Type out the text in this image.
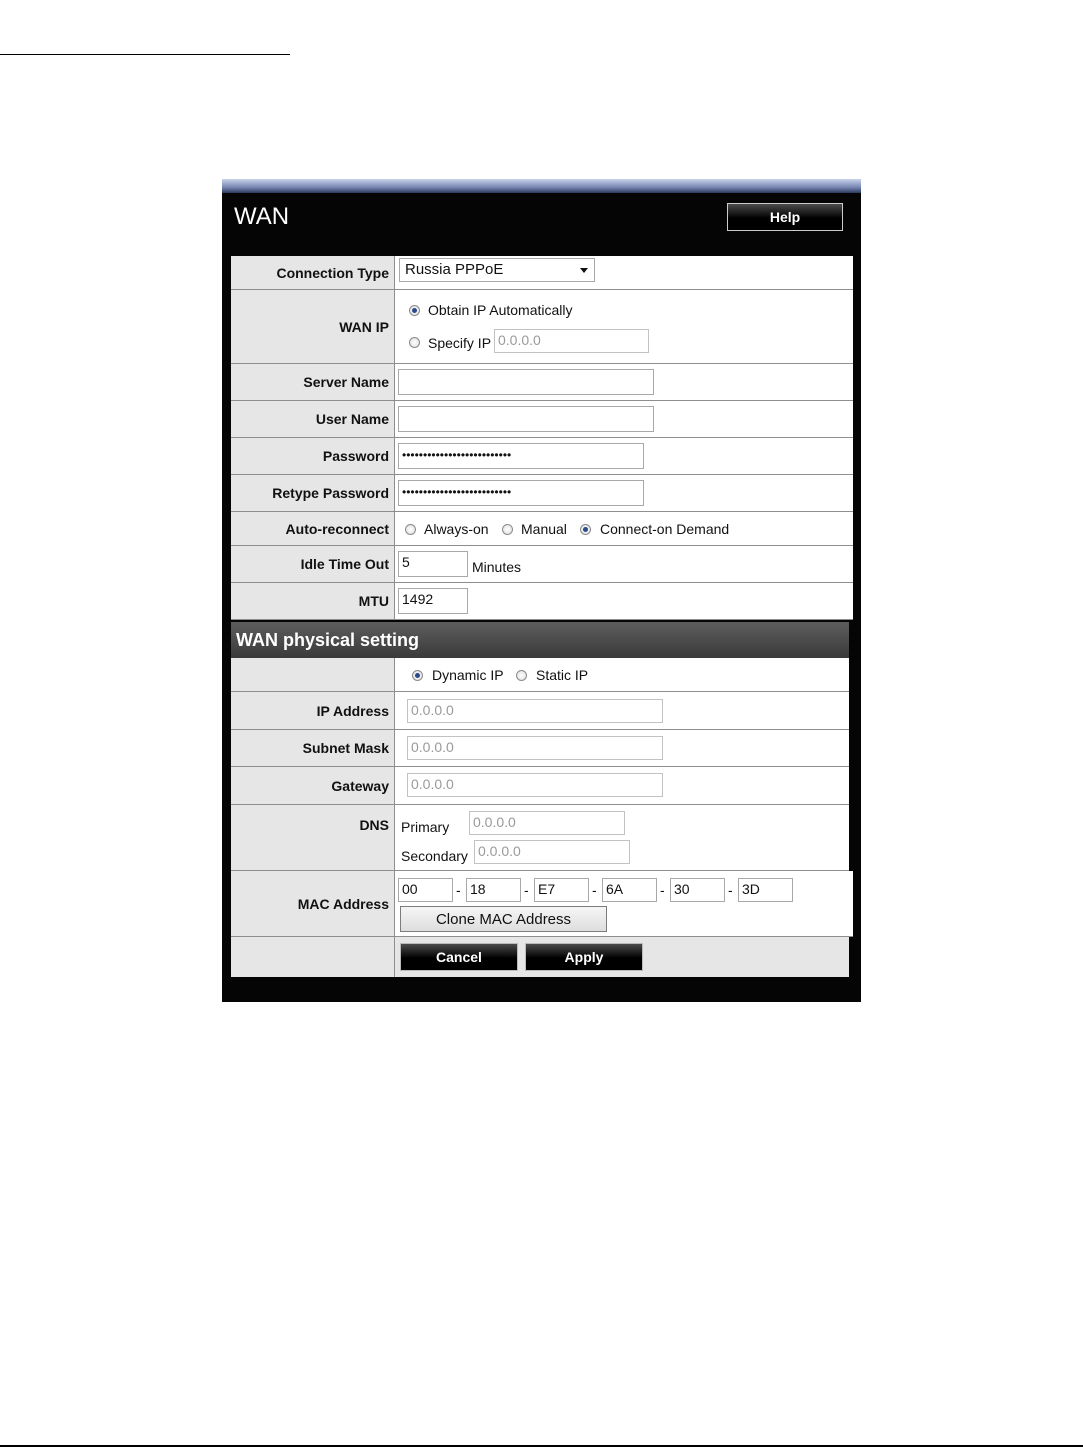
WAN	Help
Connection Type	Russia PPPoE
WAN IP
Obtain IP Automatically
Specify IP 0.0.0.0
Server Name
User Name
Password	••••••••••••••••••••••••••
Retype Password	••••••••••••••••••••••••••
Auto-reconnect	Always-on Manual Connect-on Demand
Idle Time Out 5	Minutes
MTU 1492
WAN physical setting
Dynamic IP Static IP
IP Address 0.0.0.0
Subnet Mask 0.0.0.0
Gateway 0.0.0.0
DNS Primary 0.0.0.0
Secondary 0.0.0.0
MAC Address
00	- 18	- E7	- 6A	- 30	- 3D
Clone MAC Address
Cancel	Apply
